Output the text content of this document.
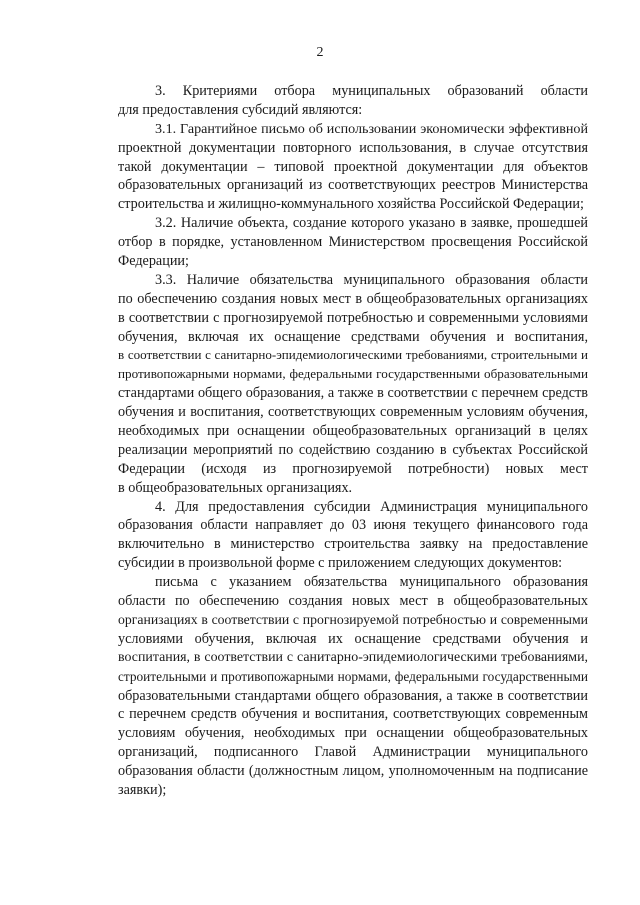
2
3. Критериями отбора муниципальных образований области
для предоставления субсидий являются:
3.1. Гарантийное письмо об использовании экономически эффективной
проектной документации повторного использования, в случае отсутствия
такой документации – типовой проектной документации для объектов
образовательных организаций из соответствующих реестров Министерства
строительства и жилищно-коммунального хозяйства Российской Федерации;
3.2. Наличие объекта, создание которого указано в заявке, прошедшей
отбор в порядке, установленном Министерством просвещения Российской
Федерации;
3.3. Наличие обязательства муниципального образования области
по обеспечению создания новых мест в общеобразовательных организациях
в соответствии с прогнозируемой потребностью и современными условиями
обучения, включая их оснащение средствами обучения и воспитания,
в соответствии с санитарно-эпидемиологическими требованиями, строительными и
противопожарными нормами, федеральными государственными образовательными
стандартами общего образования, а также в соответствии с перечнем средств
обучения и воспитания, соответствующих современным условиям обучения,
необходимых при оснащении общеобразовательных организаций в целях
реализации мероприятий по содействию созданию в субъектах Российской
Федерации (исходя из прогнозируемой потребности) новых мест
в общеобразовательных организациях.
4. Для предоставления субсидии Администрация муниципального
образования области направляет до 03 июня текущего финансового года
включительно в министерство строительства заявку на предоставление
субсидии в произвольной форме с приложением следующих документов:
письма с указанием обязательства муниципального образования
области по обеспечению создания новых мест в общеобразовательных
организациях в соответствии с прогнозируемой потребностью и современными
условиями обучения, включая их оснащение средствами обучения и
воспитания, в соответствии с санитарно-эпидемиологическими требованиями,
строительными и противопожарными нормами, федеральными государственными
образовательными стандартами общего образования, а также в соответствии
с перечнем средств обучения и воспитания, соответствующих современным
условиям обучения, необходимых при оснащении общеобразовательных
организаций, подписанного Главой Администрации муниципального
образования области (должностным лицом, уполномоченным на подписание
заявки);
